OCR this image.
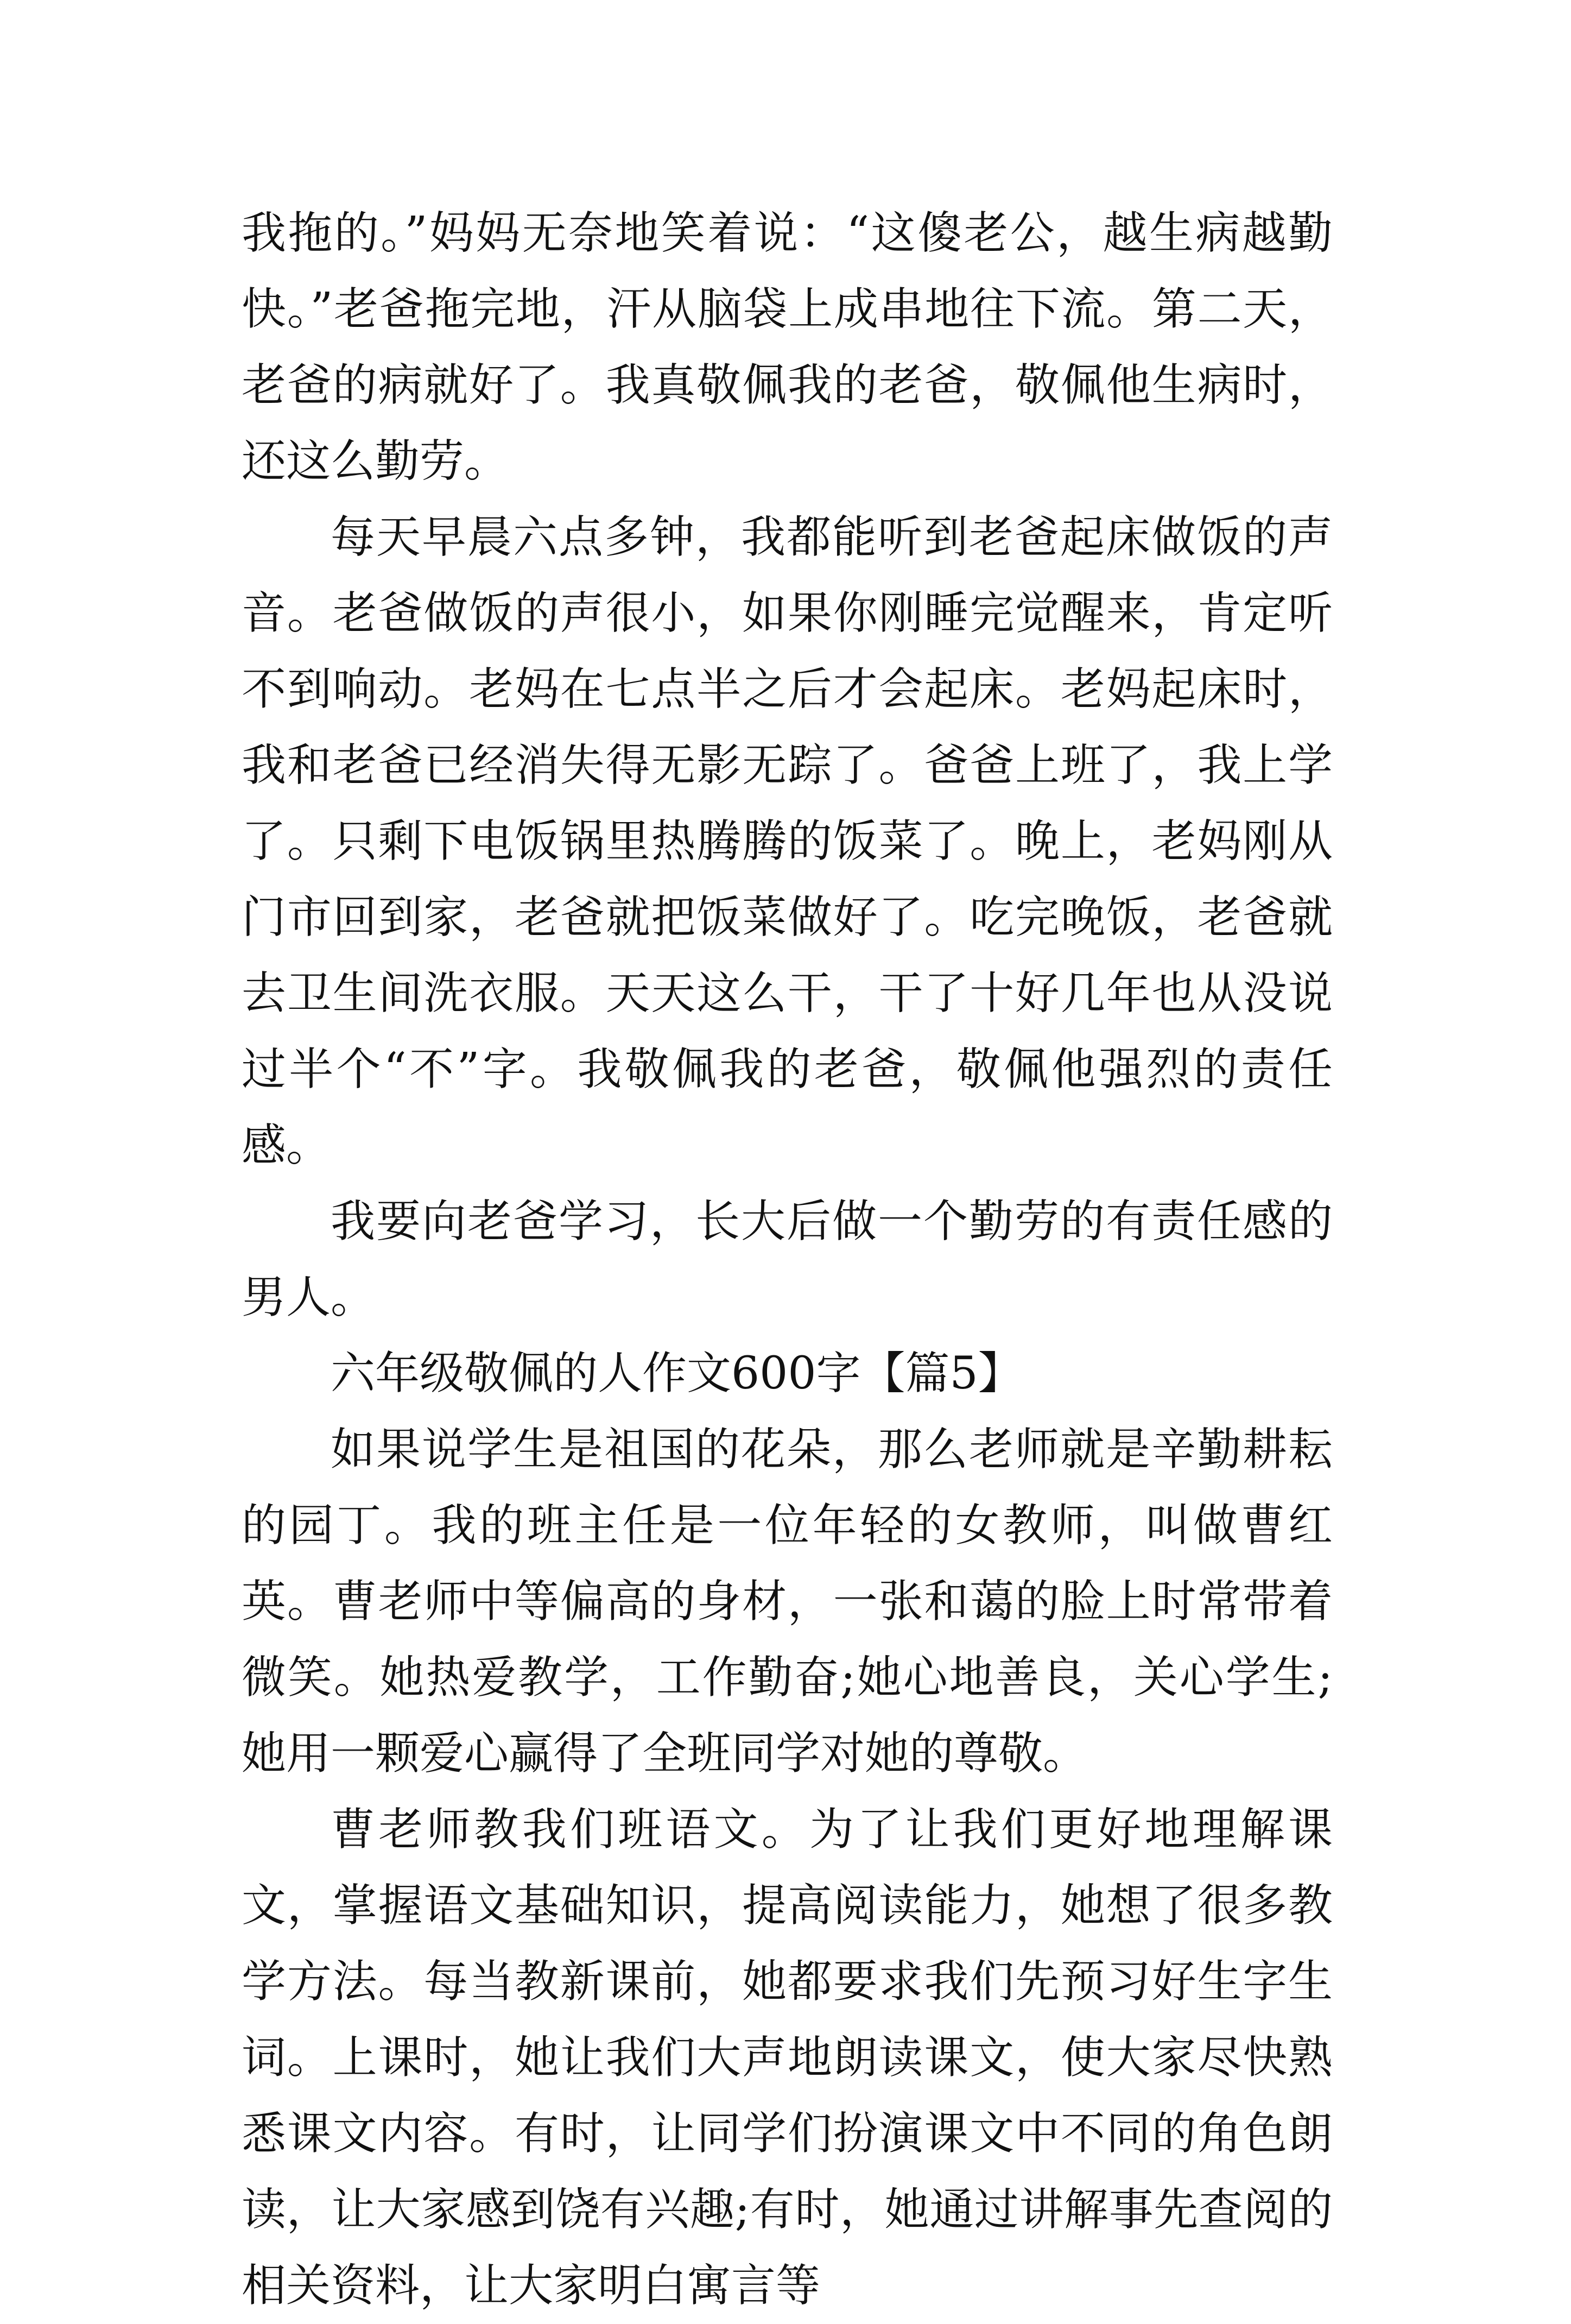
我拖的。”妈妈无奈地笑着说：“这傻老公，越生病越勤快。”老爸拖完地，汗从脑袋上成串地往下流。第二天，老爸的病就好了。我真敬佩我的老爸，敬佩他生病时，还这么勤劳。

每天早晨六点多钟，我都能听到老爸起床做饭的声音。老爸做饭的声很小，如果你刚睡完觉醒来，肯定听不到响动。老妈在七点半之后才会起床。老妈起床时，我和老爸已经消失得无影无踪了。爸爸上班了，我上学了。只剩下电饭锅里热腾腾的饭菜了。晚上，老妈刚从门市回到家，老爸就把饭菜做好了。吃完晚饭，老爸就去卫生间洗衣服。天天这么干，干了十好几年也从没说过半个“不”字。我敬佩我的老爸，敬佩他强烈的责任感。

我要向老爸学习，长大后做一个勤劳的有责任感的男人。

六年级敬佩的人作文600字【篇5】

如果说学生是祖国的花朵，那么老师就是辛勤耕耘的园丁。我的班主任是一位年轻的女教师，叫做曹红英。曹老师中等偏高的身材，一张和蔼的脸上时常带着微笑。她热爱教学，工作勤奋;她心地善良，关心学生;她用一颗爱心赢得了全班同学对她的尊敬。

曹老师教我们班语文。为了让我们更好地理解课文，掌握语文基础知识，提高阅读能力，她想了很多教学方法。每当教新课前，她都要求我们先预习好生字生词。上课时，她让我们大声地朗读课文，使大家尽快熟悉课文内容。有时，让同学们扮演课文中不同的角色朗读，让大家感到饶有兴趣;有时，她通过讲解事先查阅的相关资料，让大家明白寓言等
